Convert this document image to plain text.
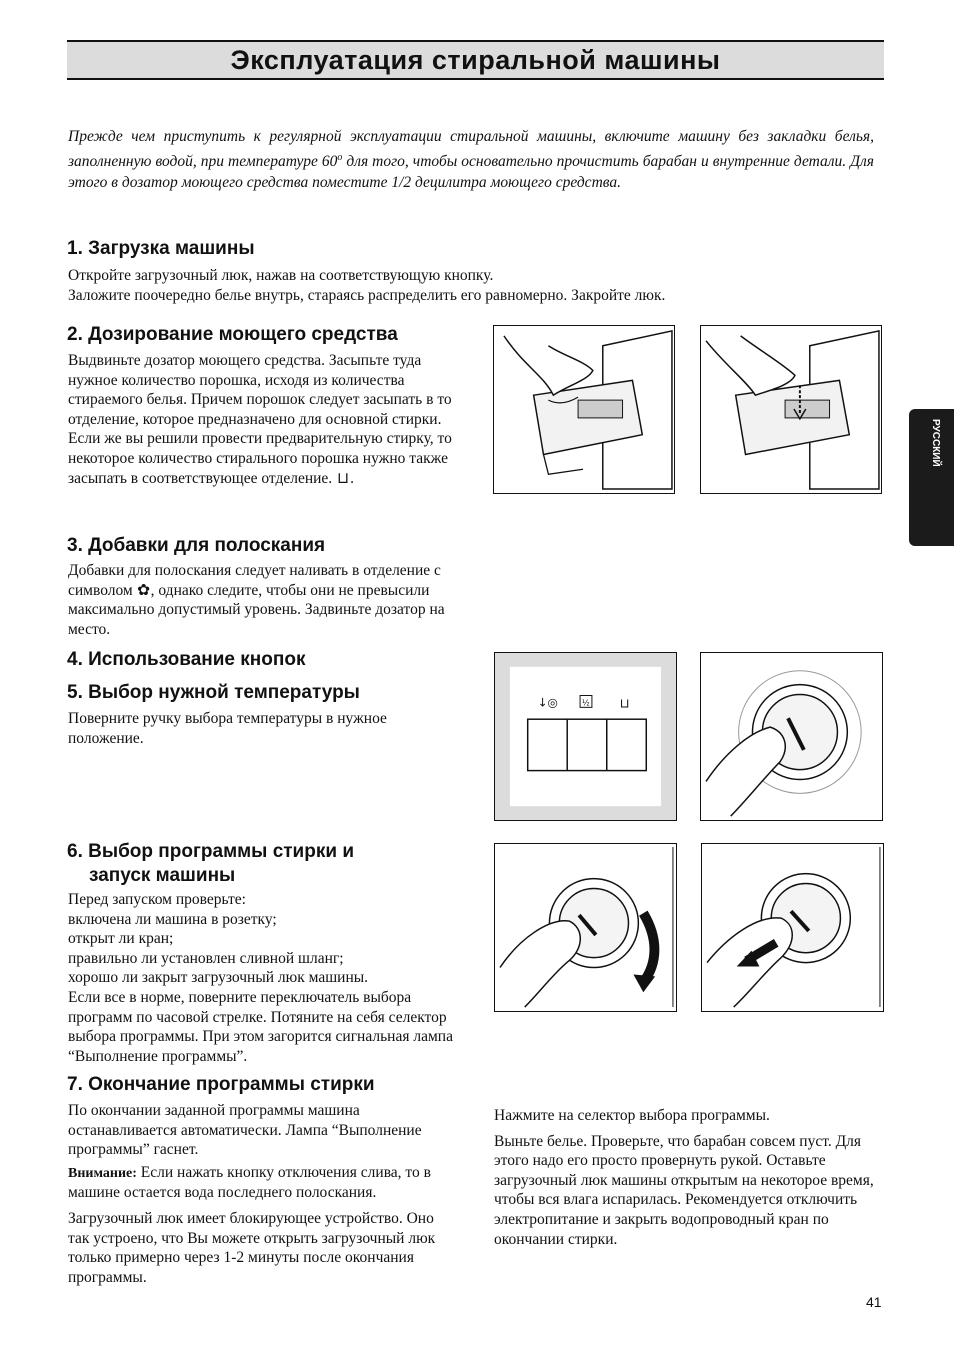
Эксплуатация стиральной машины
Прежде чем приступить к регулярной эксплуатации стиральной машины, включите машину без закладки белья, заполненную водой, при температуре 60$^o$ для того, чтобы основательно прочистить барабан и внутренние детали. Для этого в дозатор моющего средства поместите 1/2 децилитра моющего средства.
1. Загрузка машины

Откройте загрузочный люк, нажав на соответствующую кнопку.

Заложите поочередно белье внутрь, стараясь распределить его равномерно. Закройте люк.

2. Дозирование моющего средства

Выдвиньте дозатор моющего средства. Засыпьте туда нужное количество порошка, исходя из количества стираемого белья. Причем порошок следует засыпать в то отделение, которое предназначено для основной стирки. Если же вы решили провести предварительную стирку, то некоторое количество стирального порошка нужно также засыпать в соответствующее отделение. ⊔.

3. Добавки для полоскания

Добавки для полоскания следует наливать в отделение с символом ✿, однако следите, чтобы они не превысили максимально допустимый уровень. Задвиньте дозатор на место.

4. Использование кнопок
5. Выбор нужной температуры

Поверните ручку выбора температуры в нужное положение.

6. Выбор программы стирки и
запуск машины

Перед запуском проверьте:

включена ли машина в розетку;

открыт ли кран;

правильно ли установлен сливной шланг;

хорошо ли закрыт загрузочный люк машины.

Если все в норме, поверните переключатель выбора программ по часовой стрелке. Потяните на себя селектор выбора программы. При этом загорится сигнальная лампа “Выполнение программы”.

7. Окончание программы стирки

По окончании заданной программы машина останавливается автоматически. Лампа “Выполнение программы” гаснет.

Внимание: Если нажать кнопку отключения слива, то в машине остается вода последнего полоскания.

Загрузочный люк имеет блокирующее устройство. Оно так устроено, что Вы можете открыть загрузочный люк только примерно через 1-2 минуты после окончания программы.

Нажмите на селектор выбора программы.

Выньте белье. Проверьте, что барабан совсем пуст. Для этого надо его просто провернуть рукой. Оставьте загрузочный люк машины открытым на некоторое время, чтобы вся влага испарилась. Рекомендуется отключить электропитание и закрыть водопроводный кран по окончании стирки.

↓◎	½ ⊔
РУССКИЙ
41
